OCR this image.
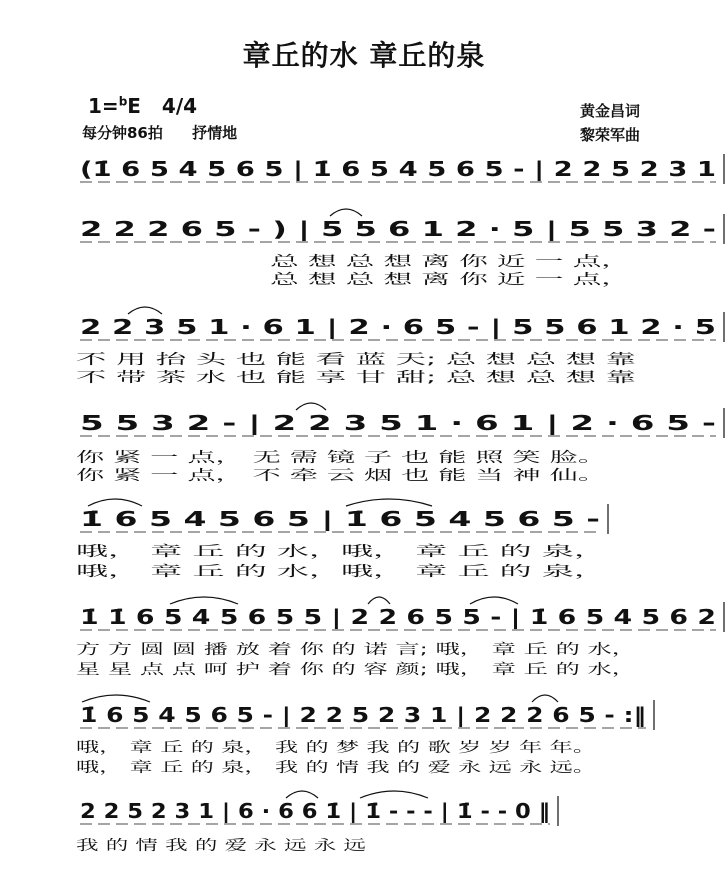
章丘的水 章丘的泉
1=$^b$E 4/4
每分钟86拍 抒情地
黄金昌词
黎荣军曲
(1̇ 6 5 4 5 6 5 | 1̇ 6 5 4 5 6 5 - | 2 2 5 2 3 1
2 2 2 6 5 - ) | 5 5 6 1 2 · 5 | 5 5 3 2 -
总 想 总 想 离 你 近 一 点，
总 想 总 想 离 你 近 一 点，
2 2 3 5 1 · 6 1 | 2 · 6 5 - | 5 5 6 1 2 · 5
不 用 抬 头 也 能 看 蓝 天; 总 想 总 想 靠
不 带 茶 水 也 能 享 甘 甜; 总 想 总 想 靠
5 5 3 2 - | 2 2 3 5 1 · 6 1 | 2 · 6 5 -
你 紧 一 点， 无 需 镜 子 也 能 照 笑 脸。
你 紧 一 点， 不 牵 云 烟 也 能 当 神 仙。
1̇ 6 5 4 5 6 5 | 1̇ 6 5 4 5 6 5 -
哦， 章 丘 的 水，哦， 章 丘 的 泉，
哦， 章 丘 的 水，哦， 章 丘 的 泉，
1̇ 1̇ 6 5 4 5 6 5 5 | 2 2 6 5 5 - | 1̇ 6 5 4 5 6 2
方 方 圆 圆 播 放 着 你 的 诺 言; 哦， 章 丘 的 水，
星 星 点 点 呵 护 着 你 的 容 颜; 哦， 章 丘 的 水，
1̇ 6 5 4 5 6 5 - | 2 2 5 2 3 1 | 2 2 2 6 5 - :‖
哦， 章 丘 的 泉， 我 的 梦 我 的 歌 岁 岁 年 年。
哦， 章 丘 的 泉， 我 的 情 我 的 爱 永 远 永 远。
2 2 5 2 3 1 | 6 · 6 6 1̇ | 1̇ - - - | 1̇ - - 0 ‖
我 的 情 我 的 爱 永 远 永 远
